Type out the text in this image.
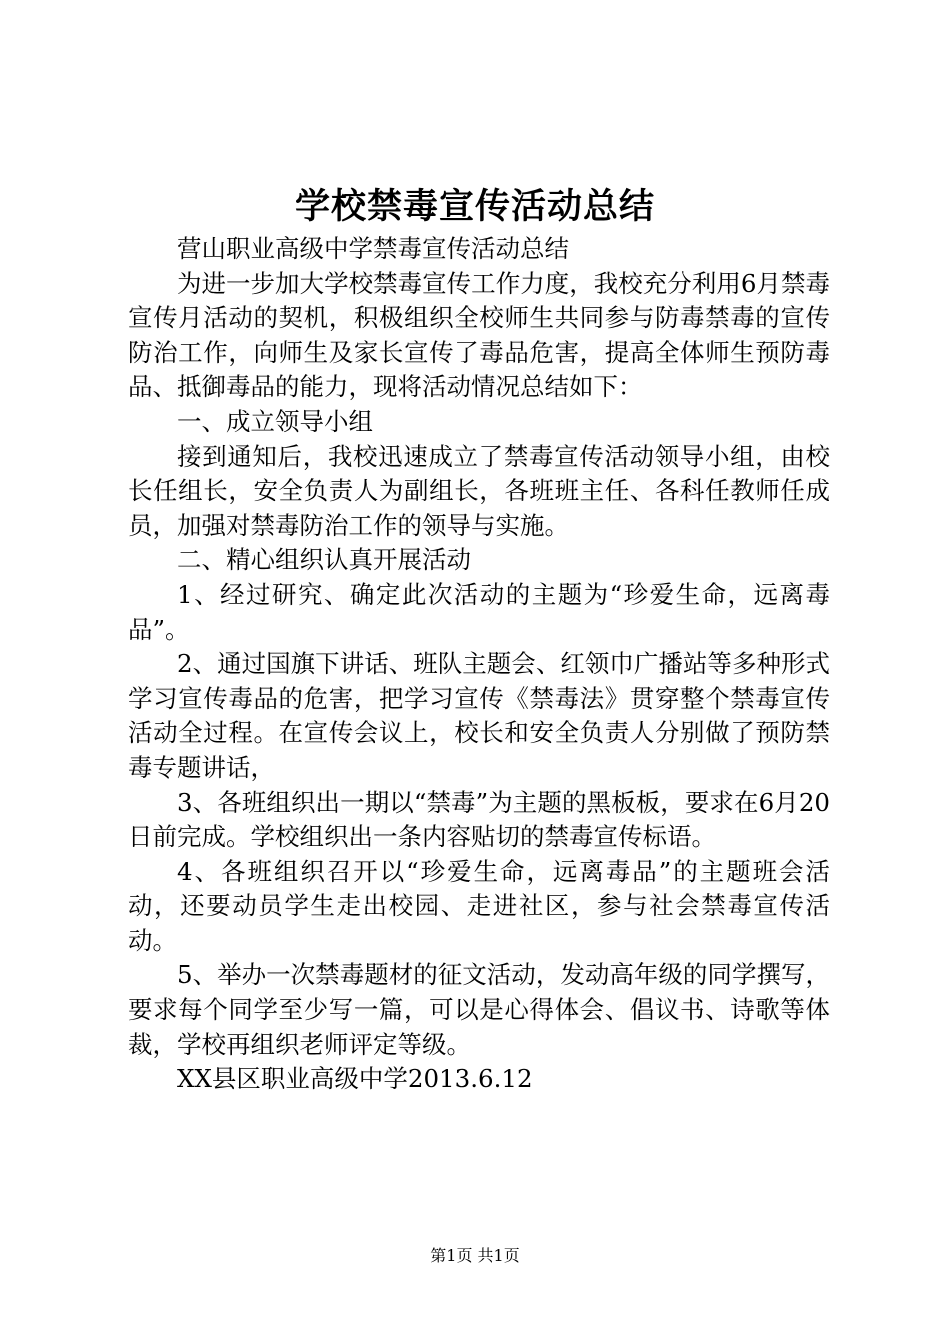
学校禁毒宣传活动总结

营山职业高级中学禁毒宣传活动总结

为进一步加大学校禁毒宣传工作力度，我校充分利用6月禁毒宣传月活动的契机，积极组织全校师生共同参与防毒禁毒的宣传防治工作，向师生及家长宣传了毒品危害，提高全体师生预防毒品、抵御毒品的能力，现将活动情况总结如下：

一、成立领导小组

接到通知后，我校迅速成立了禁毒宣传活动领导小组，由校长任组长，安全负责人为副组长，各班班主任、各科任教师任成员，加强对禁毒防治工作的领导与实施。

二、精心组织认真开展活动

1、经过研究、确定此次活动的主题为“珍爱生命，远离毒品”。

2、通过国旗下讲话、班队主题会、红领巾广播站等多种形式学习宣传毒品的危害，把学习宣传《禁毒法》贯穿整个禁毒宣传活动全过程。在宣传会议上，校长和安全负责人分别做了预防禁毒专题讲话，

3、各班组织出一期以“禁毒”为主题的黑板板，要求在6月20日前完成。学校组织出一条内容贴切的禁毒宣传标语。

4、各班组织召开以“珍爱生命，远离毒品”的主题班会活动，还要动员学生走出校园、走进社区，参与社会禁毒宣传活动。

5、举办一次禁毒题材的征文活动，发动高年级的同学撰写，要求每个同学至少写一篇，可以是心得体会、倡议书、诗歌等体裁，学校再组织老师评定等级。

XX县区职业高级中学2013.6.12

第1页 共1页
